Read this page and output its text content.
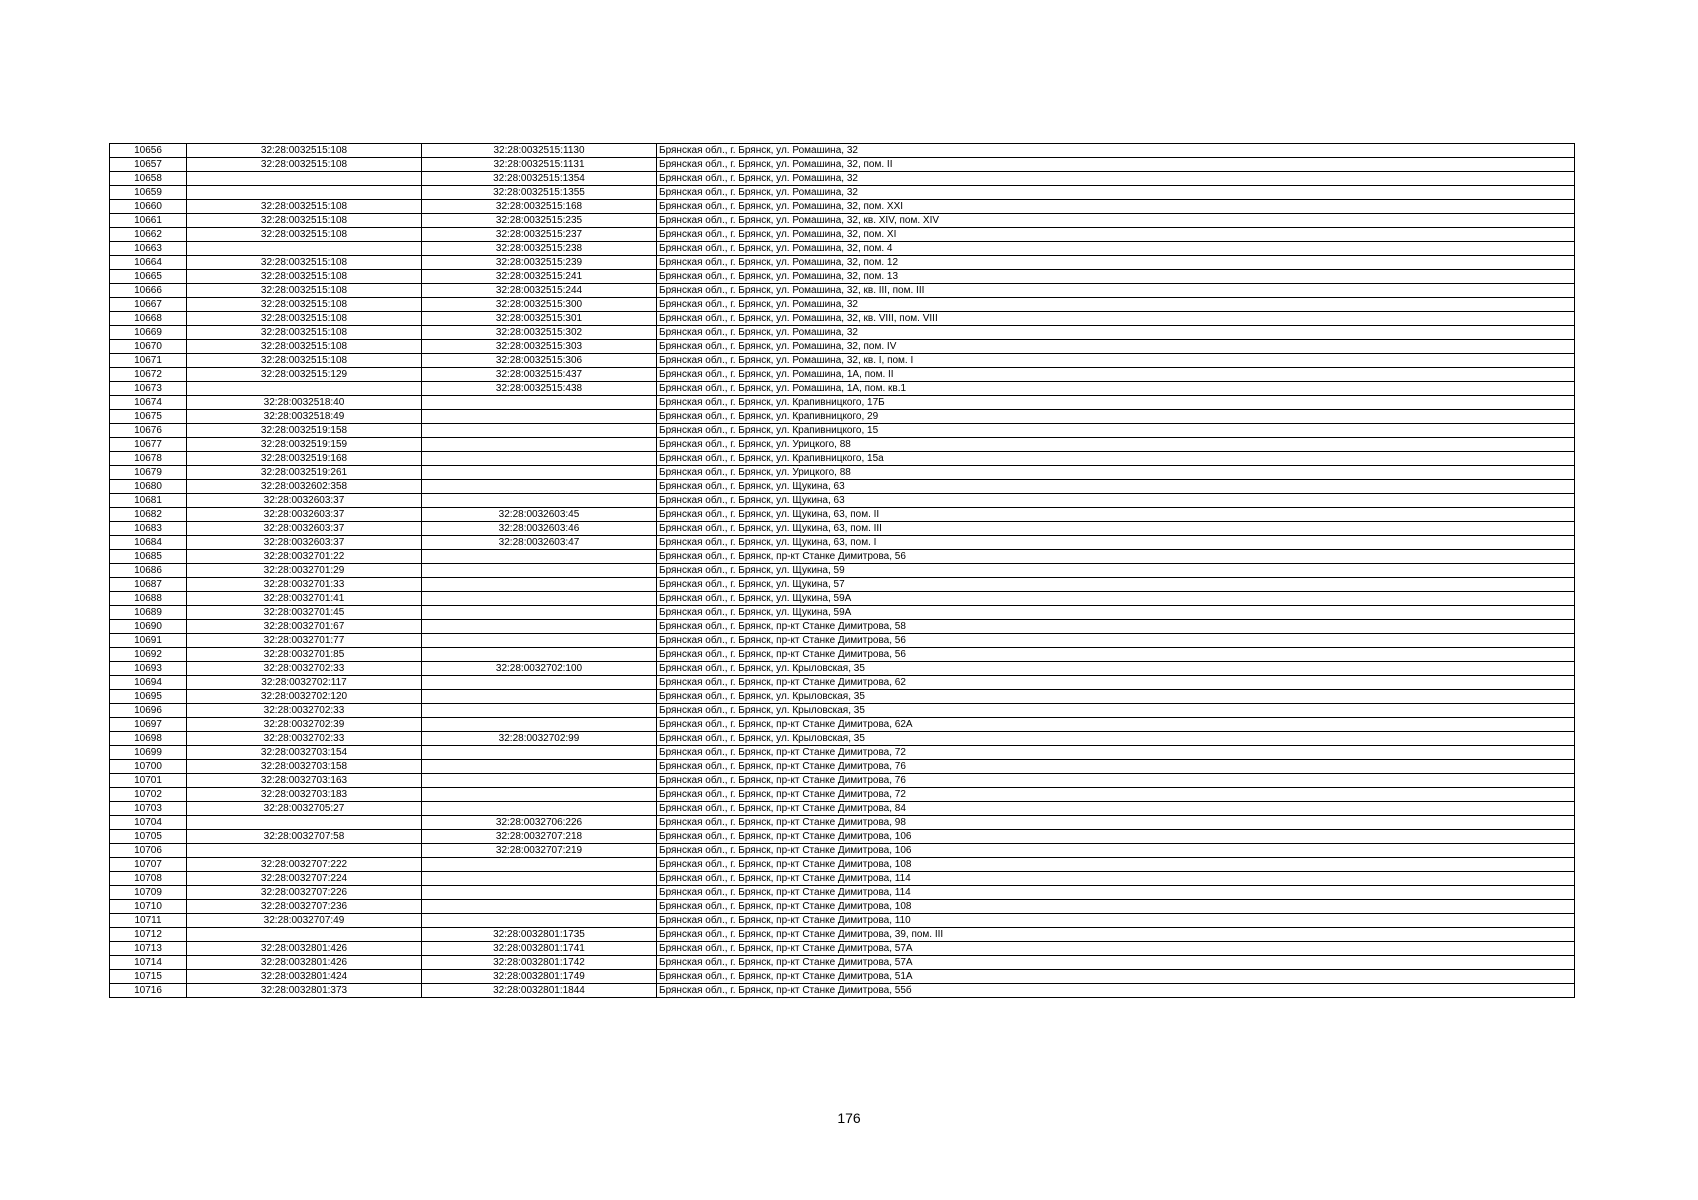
10656	32:28:0032515:108	32:28:0032515:1130	Брянская обл., г. Брянск, ул. Ромашина, 32
10657	32:28:0032515:108	32:28:0032515:1131	Брянская обл., г. Брянск, ул. Ромашина, 32, пом. II
10658		32:28:0032515:1354	Брянская обл., г. Брянск, ул. Ромашина, 32
10659		32:28:0032515:1355	Брянская обл., г. Брянск, ул. Ромашина, 32
10660	32:28:0032515:108	32:28:0032515:168	Брянская обл., г. Брянск, ул. Ромашина, 32, пом. XXI
10661	32:28:0032515:108	32:28:0032515:235	Брянская обл., г. Брянск, ул. Ромашина, 32, кв. XIV, пом. XIV
10662	32:28:0032515:108	32:28:0032515:237	Брянская обл., г. Брянск, ул. Ромашина, 32, пом. XI
10663		32:28:0032515:238	Брянская обл., г. Брянск, ул. Ромашина, 32, пом. 4
10664	32:28:0032515:108	32:28:0032515:239	Брянская обл., г. Брянск, ул. Ромашина, 32, пом. 12
10665	32:28:0032515:108	32:28:0032515:241	Брянская обл., г. Брянск, ул. Ромашина, 32, пом. 13
10666	32:28:0032515:108	32:28:0032515:244	Брянская обл., г. Брянск, ул. Ромашина, 32, кв. III, пом. III
10667	32:28:0032515:108	32:28:0032515:300	Брянская обл., г. Брянск, ул. Ромашина, 32
10668	32:28:0032515:108	32:28:0032515:301	Брянская обл., г. Брянск, ул. Ромашина, 32, кв. VIII, пом. VIII
10669	32:28:0032515:108	32:28:0032515:302	Брянская обл., г. Брянск, ул. Ромашина, 32
10670	32:28:0032515:108	32:28:0032515:303	Брянская обл., г. Брянск, ул. Ромашина, 32, пом. IV
10671	32:28:0032515:108	32:28:0032515:306	Брянская обл., г. Брянск, ул. Ромашина, 32, кв. I, пом. I
10672	32:28:0032515:129	32:28:0032515:437	Брянская обл., г. Брянск, ул. Ромашина, 1А, пом. II
10673		32:28:0032515:438	Брянская обл., г. Брянск, ул. Ромашина, 1А, пом. кв.1
10674	32:28:0032518:40		Брянская обл., г. Брянск, ул. Крапивницкого, 17Б
10675	32:28:0032518:49		Брянская обл., г. Брянск, ул. Крапивницкого, 29
10676	32:28:0032519:158		Брянская обл., г. Брянск, ул. Крапивницкого, 15
10677	32:28:0032519:159		Брянская обл., г. Брянск, ул. Урицкого, 88
10678	32:28:0032519:168		Брянская обл., г. Брянск, ул. Крапивницкого, 15а
10679	32:28:0032519:261		Брянская обл., г. Брянск, ул. Урицкого, 88
10680	32:28:0032602:358		Брянская обл., г. Брянск, ул. Щукина, 63
10681	32:28:0032603:37		Брянская обл., г. Брянск, ул. Щукина, 63
10682	32:28:0032603:37	32:28:0032603:45	Брянская обл., г. Брянск, ул. Щукина, 63, пом. II
10683	32:28:0032603:37	32:28:0032603:46	Брянская обл., г. Брянск, ул. Щукина, 63, пом. III
10684	32:28:0032603:37	32:28:0032603:47	Брянская обл., г. Брянск, ул. Щукина, 63, пом. I
10685	32:28:0032701:22		Брянская обл., г. Брянск, пр-кт Станке Димитрова, 56
10686	32:28:0032701:29		Брянская обл., г. Брянск, ул. Щукина, 59
10687	32:28:0032701:33		Брянская обл., г. Брянск, ул. Щукина, 57
10688	32:28:0032701:41		Брянская обл., г. Брянск, ул. Щукина, 59А
10689	32:28:0032701:45		Брянская обл., г. Брянск, ул. Щукина, 59А
10690	32:28:0032701:67		Брянская обл., г. Брянск, пр-кт Станке Димитрова, 58
10691	32:28:0032701:77		Брянская обл., г. Брянск, пр-кт Станке Димитрова, 56
10692	32:28:0032701:85		Брянская обл., г. Брянск, пр-кт Станке Димитрова, 56
10693	32:28:0032702:33	32:28:0032702:100	Брянская обл., г. Брянск, ул. Крыловская, 35
10694	32:28:0032702:117		Брянская обл., г. Брянск, пр-кт Станке Димитрова, 62
10695	32:28:0032702:120		Брянская обл., г. Брянск, ул. Крыловская, 35
10696	32:28:0032702:33		Брянская обл., г. Брянск, ул. Крыловская, 35
10697	32:28:0032702:39		Брянская обл., г. Брянск, пр-кт Станке Димитрова, 62А
10698	32:28:0032702:33	32:28:0032702:99	Брянская обл., г. Брянск, ул. Крыловская, 35
10699	32:28:0032703:154		Брянская обл., г. Брянск, пр-кт Станке Димитрова, 72
10700	32:28:0032703:158		Брянская обл., г. Брянск, пр-кт Станке Димитрова, 76
10701	32:28:0032703:163		Брянская обл., г. Брянск, пр-кт Станке Димитрова, 76
10702	32:28:0032703:183		Брянская обл., г. Брянск, пр-кт Станке Димитрова, 72
10703	32:28:0032705:27		Брянская обл., г. Брянск, пр-кт Станке Димитрова, 84
10704		32:28:0032706:226	Брянская обл., г. Брянск, пр-кт Станке Димитрова, 98
10705	32:28:0032707:58	32:28:0032707:218	Брянская обл., г. Брянск, пр-кт Станке Димитрова, 106
10706		32:28:0032707:219	Брянская обл., г. Брянск, пр-кт Станке Димитрова, 106
10707	32:28:0032707:222		Брянская обл., г. Брянск, пр-кт Станке Димитрова, 108
10708	32:28:0032707:224		Брянская обл., г. Брянск, пр-кт Станке Димитрова, 114
10709	32:28:0032707:226		Брянская обл., г. Брянск, пр-кт Станке Димитрова, 114
10710	32:28:0032707:236		Брянская обл., г. Брянск, пр-кт Станке Димитрова, 108
10711	32:28:0032707:49		Брянская обл., г. Брянск, пр-кт Станке Димитрова, 110
10712		32:28:0032801:1735	Брянская обл., г. Брянск, пр-кт Станке Димитрова, 39, пом. III
10713	32:28:0032801:426	32:28:0032801:1741	Брянская обл., г. Брянск, пр-кт Станке Димитрова, 57А
10714	32:28:0032801:426	32:28:0032801:1742	Брянская обл., г. Брянск, пр-кт Станке Димитрова, 57А
10715	32:28:0032801:424	32:28:0032801:1749	Брянская обл., г. Брянск, пр-кт Станке Димитрова, 51А
10716	32:28:0032801:373	32:28:0032801:1844	Брянская обл., г. Брянск, пр-кт Станке Димитрова, 55б
176
